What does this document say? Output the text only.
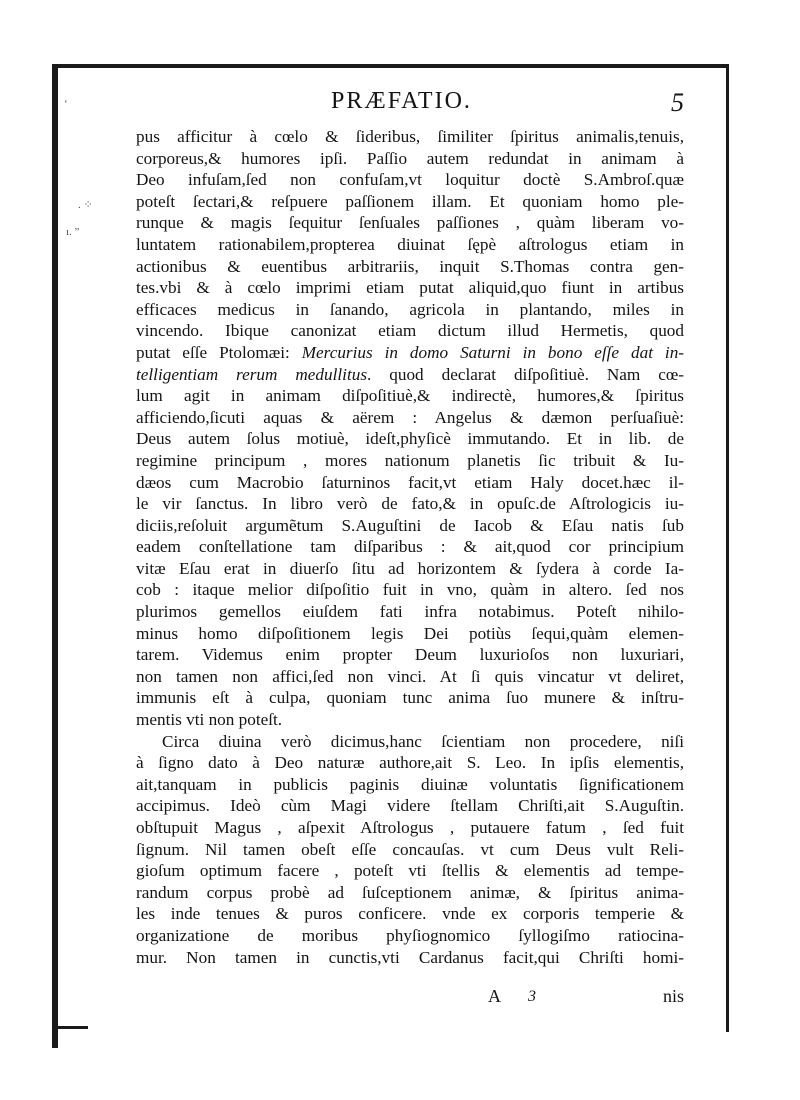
‘
. ⁘
ı. ”
PRÆFATIO.	5
pus afficitur à cœlo & ſideribus, ſimiliter ſpiritus animalis,tenuis,
corporeus,& humores ipſi. Paſſio autem redundat in animam à
Deo infuſam,ſed non confuſam,vt loquitur doctè S.Ambroſ.quæ
poteſt ſectari,& reſpuere paſſionem illam. Et quoniam homo ple-
runque & magis ſequitur ſenſuales paſſiones , quàm liberam vo-
luntatem rationabilem,propterea diuinat ſępè aſtrologus etiam in
actionibus & euentibus arbitrariis, inquit S.Thomas contra gen-
tes.vbi & à cœlo imprimi etiam putat aliquid,quo fiunt in artibus
efficaces medicus in ſanando, agricola in plantando, miles in
vincendo. Ibique canonizat etiam dictum illud Hermetis, quod
putat eſſe Ptolomæi: Mercurius in domo Saturni in bono eſſe dat in-
telligentiam rerum medullitus. quod declarat diſpoſitiuè. Nam cœ-
lum agit in animam diſpoſitiuè,& indirectè, humores,& ſpiritus
afficiendo,ſicuti aquas & aërem : Angelus & dæmon perſuaſiuè:
Deus autem ſolus motiuè, ideſt,phyſicè immutando. Et in lib. de
regimine principum , mores nationum planetis ſic tribuit & Iu-
dæos cum Macrobio ſaturninos facit,vt etiam Haly docet.hæc il-
le vir ſanctus. In libro verò de fato,& in opuſc.de Aſtrologicis iu-
diciis,reſoluit argumẽtum S.Auguſtini de Iacob & Eſau natis ſub
eadem conſtellatione tam diſparibus : & ait,quod cor principium
vitæ Eſau erat in diuerſo ſitu ad horizontem & ſydera à corde Ia-
cob : itaque melior diſpoſitio fuit in vno, quàm in altero. ſed nos
plurimos gemellos eiuſdem fati infra notabimus. Poteſt nihilo-
minus homo diſpoſitionem legis Dei potiùs ſequi,quàm elemen-
tarem. Videmus enim propter Deum luxurioſos non luxuriari,
non tamen non affici,ſed non vinci. At ſi quis vincatur vt deliret,
immunis eſt à culpa, quoniam tunc anima ſuo munere & inſtru-
mentis vti non poteſt.
Circa diuina verò dicimus,hanc ſcientiam non procedere, niſi
à ſigno dato à Deo naturæ authore,ait S. Leo. In ipſis elementis,
ait,tanquam in publicis paginis diuinæ voluntatis ſignificationem
accipimus. Ideò cùm Magi videre ſtellam Chriſti,ait S.Auguſtin.
obſtupuit Magus , aſpexit Aſtrologus , putauere fatum , ſed fuit
ſignum. Nil tamen obeſt eſſe concauſas. vt cum Deus vult Reli-
gioſum optimum facere , poteſt vti ſtellis & elementis ad tempe-
randum corpus probè ad ſuſceptionem animæ, & ſpiritus anima-
les inde tenues & puros conficere. vnde ex corporis temperie &
organizatione de moribus phyſiognomico ſyllogiſmo ratiocina-
mur. Non tamen in cunctis,vti Cardanus facit,qui Chriſti homi-
A 3	nis
